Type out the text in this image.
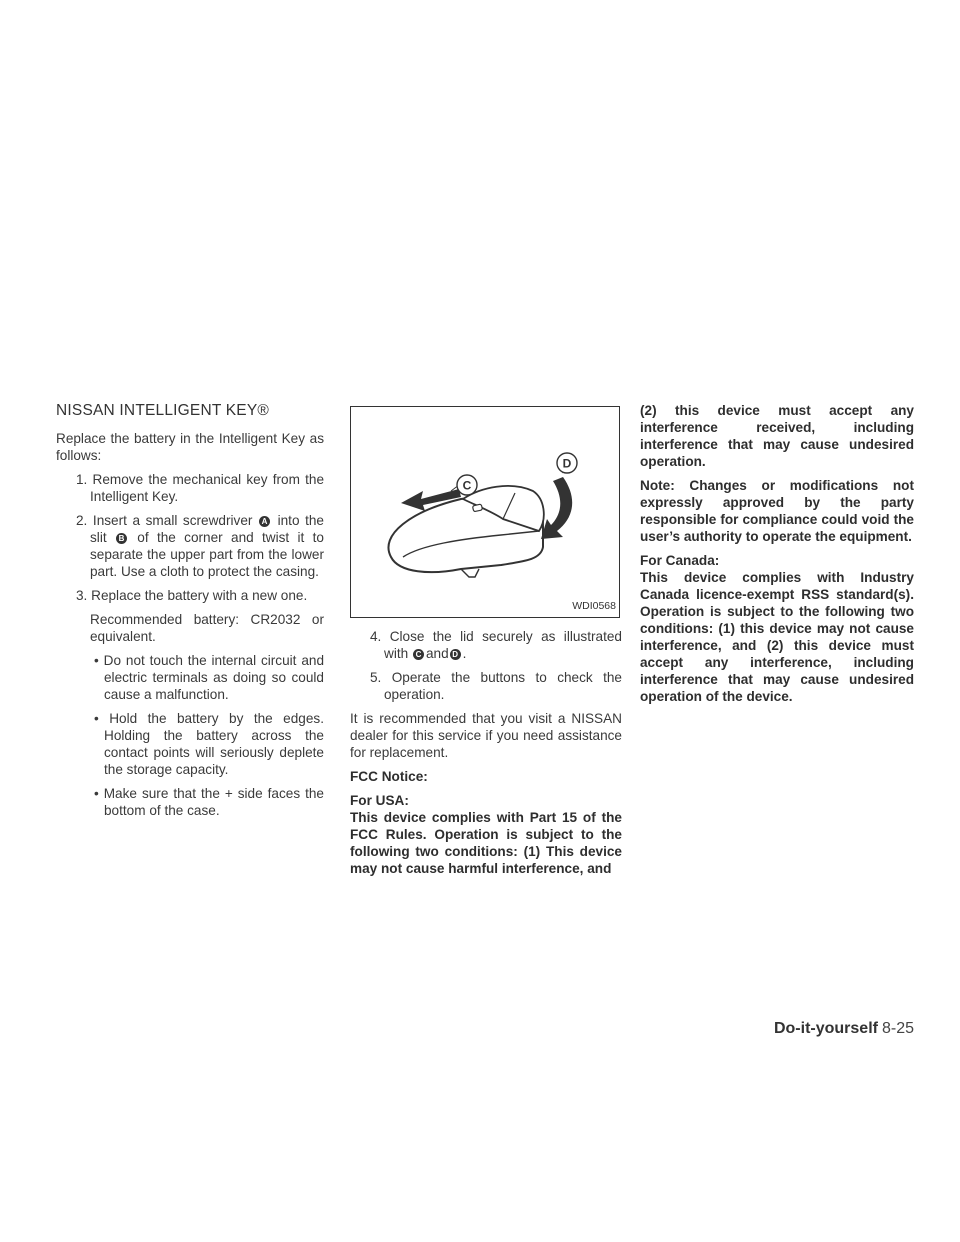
NISSAN INTELLIGENT KEY®

Replace the battery in the Intelligent Key as follows:

1. Remove the mechanical key from the Intelligent Key.
2. Insert a small screwdriver A into the slit B of the corner and twist it to separate the upper part from the lower part. Use a cloth to protect the casing.
3. Replace the battery with a new one.
Recommended battery: CR2032 or equivalent.
• Do not touch the internal circuit and electric terminals as doing so could cause a malfunction.
• Hold the battery by the edges. Holding the battery across the contact points will seriously deplete the storage capacity.
• Make sure that the + side faces the bottom of the case.
C
D
WDI0568
4. Close the lid securely as illustrated with C and D .
5. Operate the buttons to check the operation.

It is recommended that you visit a NISSAN dealer for this service if you need assistance for replacement.

FCC Notice:

For USA:

This device complies with Part 15 of the FCC Rules. Operation is subject to the following two conditions: (1) This device may not cause harmful interference, and

(2) this device must accept any interference received, including interference that may cause undesired operation.

Note: Changes or modifications not expressly approved by the party responsible for compliance could void the user’s authority to operate the equipment.

For Canada:

This device complies with Industry Canada licence-exempt RSS standard(s). Operation is subject to the following two conditions: (1) this device may not cause interference, and (2) this device must accept any interference, including interference that may cause undesired operation of the device.

Do-it-yourself 8-25
